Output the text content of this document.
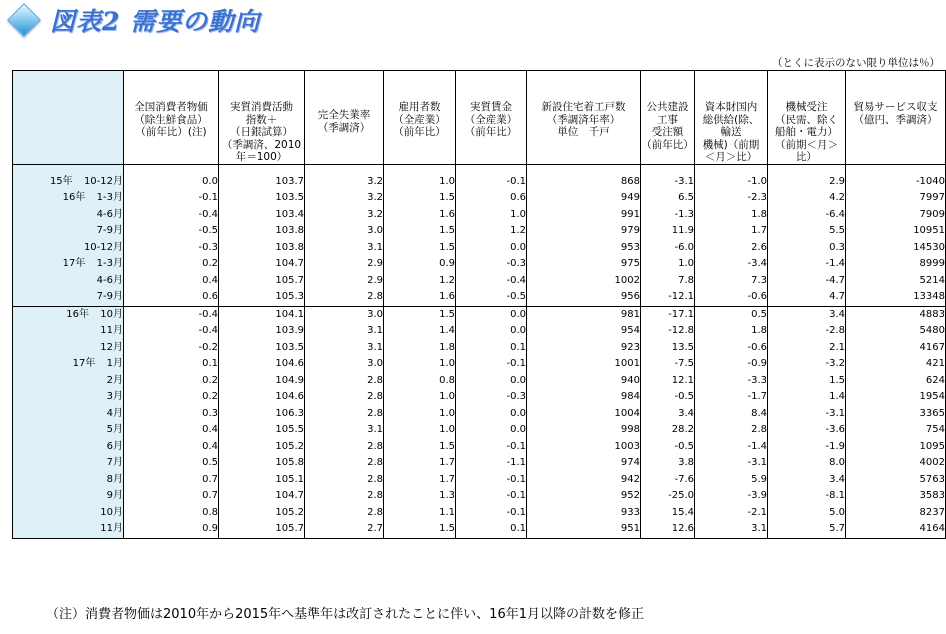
図表2 需要の動向
（とくに表示のない限り単位は％）
	全国消費者物価
（除生鮮食品）
（前年比）(注)	実質消費活動
指数＋
（日銀試算）
（季調済、2010
年＝100）	完全失業率
（季調済）	雇用者数
（全産業）
（前年比）	実質賃金
（全産業）
（前年比）	新設住宅着工戸数
（季調済年率）
単位　千戸	公共建設
工事
受注額
（前年比）	資本財国内
総供給(除、
輸送
機械)（前期
＜月＞比）	機械受注
（民需、除く
船舶・電力）
（前期＜月＞
比）	貿易サービス収支
（億円、季調済）

15年 10-12月	0.0	103.7	3.2	1.0	-0.1	868	-3.1	-1.0	2.9	-1040
16年 1-3月	-0.1	103.5	3.2	1.5	0.6	949	6.5	-2.3	4.2	7997
4-6月	-0.4	103.4	3.2	1.6	1.0	991	-1.3	1.8	-6.4	7909
7-9月	-0.5	103.8	3.0	1.5	1.2	979	11.9	1.7	5.5	10951
10-12月	-0.3	103.8	3.1	1.5	0.0	953	-6.0	2.6	0.3	14530
17年 1-3月	0.2	104.7	2.9	0.9	-0.3	975	1.0	-3.4	-1.4	8999
4-6月	0.4	105.7	2.9	1.2	-0.4	1002	7.8	7.3	-4.7	5214
7-9月	0.6	105.3	2.8	1.6	-0.5	956	-12.1	-0.6	4.7	13348
16年 10月	-0.4	104.1	3.0	1.5	0.0	981	-17.1	0.5	3.4	4883
11月	-0.4	103.9	3.1	1.4	0.0	954	-12.8	1.8	-2.8	5480
12月	-0.2	103.5	3.1	1.8	0.1	923	13.5	-0.6	2.1	4167
17年 1月	0.1	104.6	3.0	1.0	-0.1	1001	-7.5	-0.9	-3.2	421
2月	0.2	104.9	2.8	0.8	0.0	940	12.1	-3.3	1.5	624
3月	0.2	104.6	2.8	1.0	-0.3	984	-0.5	-1.7	1.4	1954
4月	0.3	106.3	2.8	1.0	0.0	1004	3.4	8.4	-3.1	3365
5月	0.4	105.5	3.1	1.0	0.0	998	28.2	2.8	-3.6	754
6月	0.4	105.2	2.8	1.5	-0.1	1003	-0.5	-1.4	-1.9	1095
7月	0.5	105.8	2.8	1.7	-1.1	974	3.8	-3.1	8.0	4002
8月	0.7	105.1	2.8	1.7	-0.1	942	-7.6	5.9	3.4	5763
9月	0.7	104.7	2.8	1.3	-0.1	952	-25.0	-3.9	-8.1	3583
10月	0.8	105.2	2.8	1.1	-0.1	933	15.4	-2.1	5.0	8237
11月	0.9	105.7	2.7	1.5	0.1	951	12.6	3.1	5.7	4164
（注）消費者物価は2010年から2015年へ基準年は改訂されたことに伴い、16年1月以降の計数を修正
